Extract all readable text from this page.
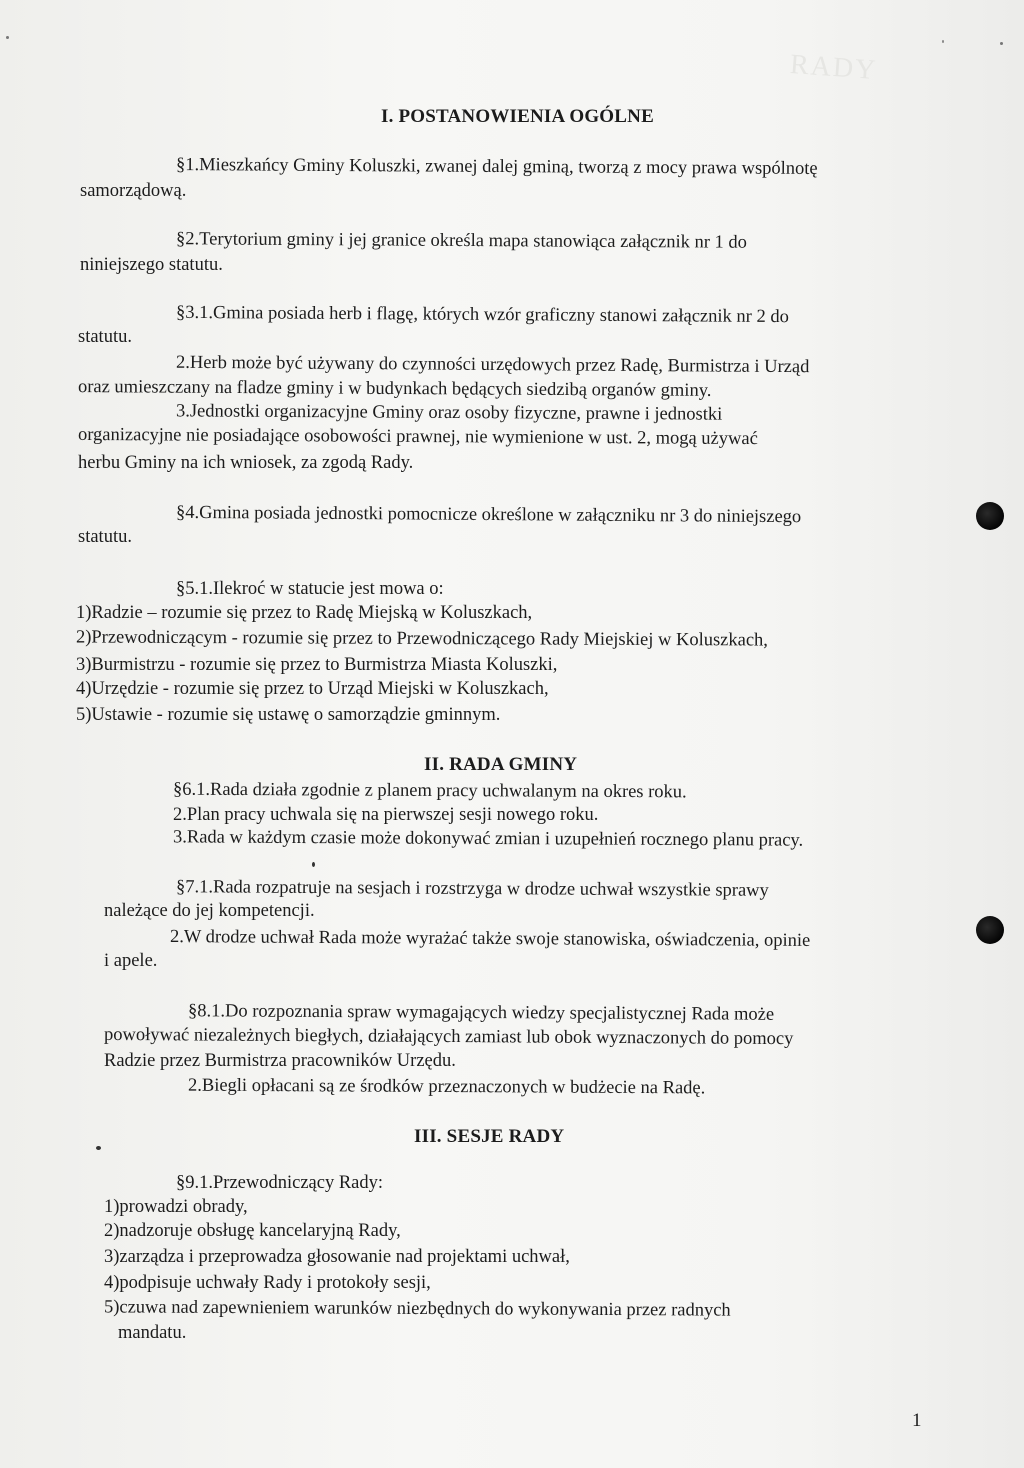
RADY
I. POSTANOWIENIA OGÓLNE
§1.Mieszkańcy Gminy Koluszki, zwanej dalej gminą, tworzą z mocy prawa wspólnotę
samorządową.
§2.Terytorium gminy i jej granice określa mapa stanowiąca załącznik nr 1 do
niniejszego statutu.
§3.1.Gmina posiada herb i flagę, których wzór graficzny stanowi załącznik nr 2 do
statutu.
2.Herb może być używany do czynności urzędowych przez Radę, Burmistrza i Urząd
oraz umieszczany na fladze gminy i w budynkach będących siedzibą organów gminy.
3.Jednostki organizacyjne Gminy oraz osoby fizyczne, prawne i jednostki
organizacyjne nie posiadające osobowości prawnej, nie wymienione w ust. 2, mogą używać
herbu Gminy na ich wniosek, za zgodą Rady.
§4.Gmina posiada jednostki pomocnicze określone w załączniku nr 3 do niniejszego
statutu.
§5.1.Ilekroć w statucie jest mowa o:
1)Radzie – rozumie się przez to Radę Miejską w Koluszkach,
2)Przewodniczącym - rozumie się przez to Przewodniczącego Rady Miejskiej w Koluszkach,
3)Burmistrzu - rozumie się przez to Burmistrza Miasta Koluszki,
4)Urzędzie - rozumie się przez to Urząd Miejski w Koluszkach,
5)Ustawie - rozumie się ustawę o samorządzie gminnym.
II. RADA GMINY
§6.1.Rada działa zgodnie z planem pracy uchwalanym na okres roku.
2.Plan pracy uchwala się na pierwszej sesji nowego roku.
3.Rada w każdym czasie może dokonywać zmian i uzupełnień rocznego planu pracy.
§7.1.Rada rozpatruje na sesjach i rozstrzyga w drodze uchwał wszystkie sprawy
należące do jej kompetencji.
2.W drodze uchwał Rada może wyrażać także swoje stanowiska, oświadczenia, opinie
i apele.
§8.1.Do rozpoznania spraw wymagających wiedzy specjalistycznej Rada może
powoływać niezależnych biegłych, działających zamiast lub obok wyznaczonych do pomocy
Radzie przez Burmistrza pracowników Urzędu.
2.Biegli opłacani są ze środków przeznaczonych w budżecie na Radę.
III. SESJE RADY
§9.1.Przewodniczący Rady:
1)prowadzi obrady,
2)nadzoruje obsługę kancelaryjną Rady,
3)zarządza i przeprowadza głosowanie nad projektami uchwał,
4)podpisuje uchwały Rady i protokoły sesji,
5)czuwa nad zapewnieniem warunków niezbędnych do wykonywania przez radnych
mandatu.
1
